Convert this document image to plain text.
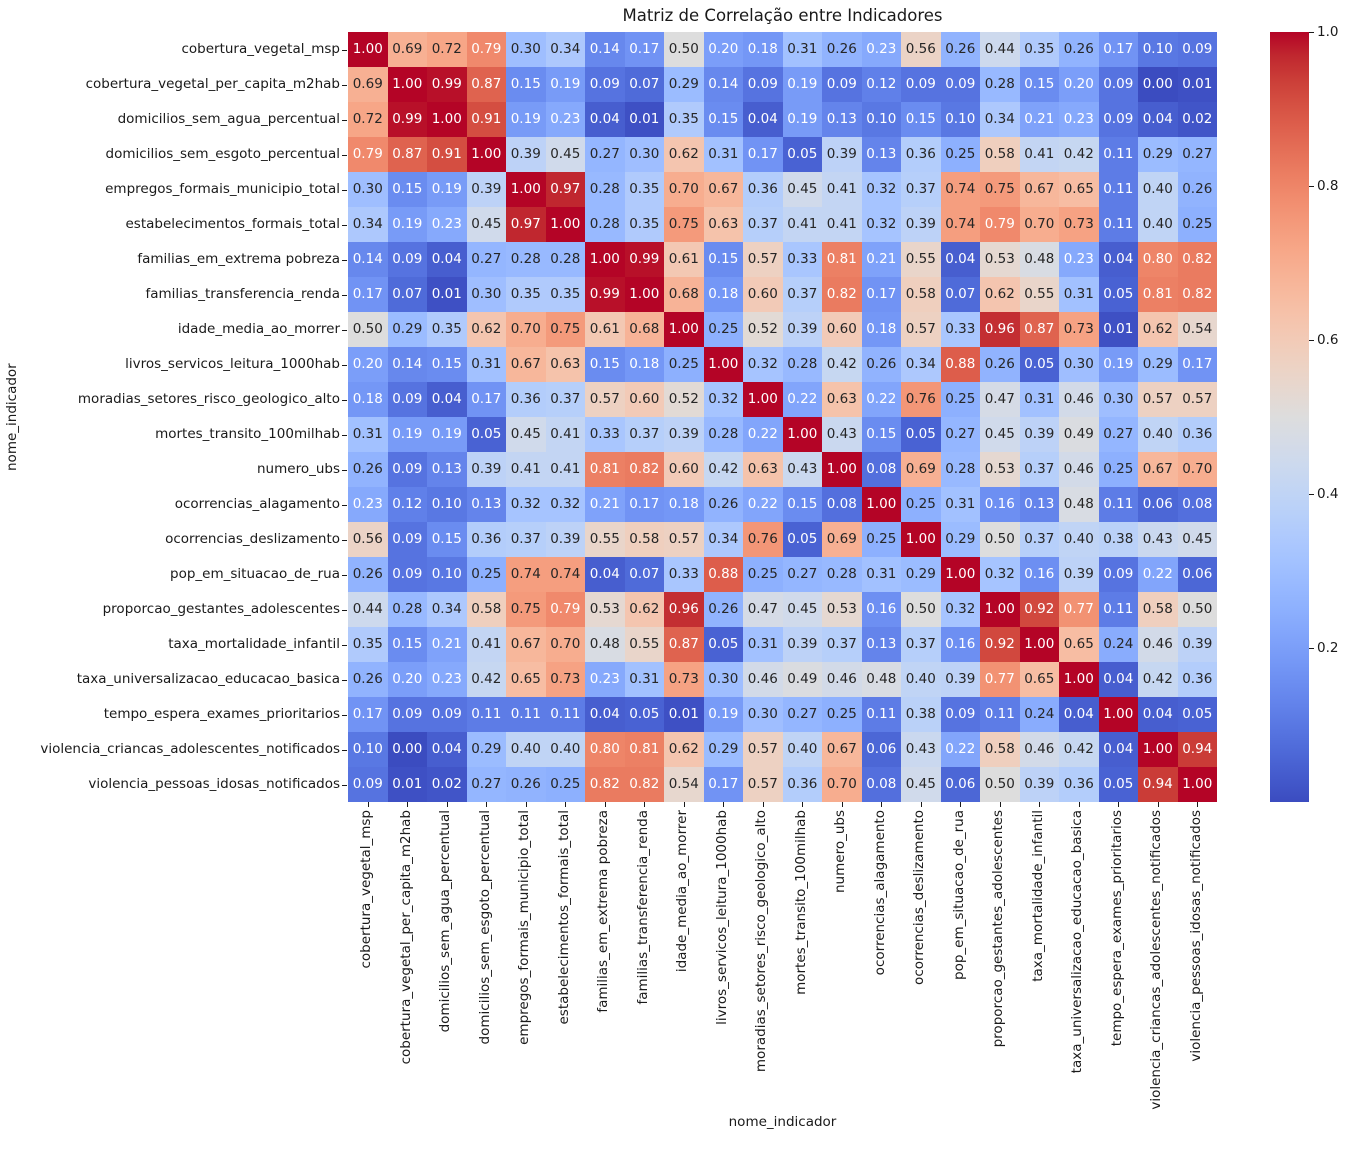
Matriz de Correlação entre Indicadores
cobertura_vegetal_msp
cobertura_vegetal_per_capita_m2hab
domicilios_sem_agua_percentual
domicilios_sem_esgoto_percentual
empregos_formais_municipio_total
estabelecimentos_formais_total
familias_em_extrema pobreza
familias_transferencia_renda
idade_media_ao_morrer
livros_servicos_leitura_1000hab
moradias_setores_risco_geologico_alto
mortes_transito_100milhab
numero_ubs
ocorrencias_alagamento
ocorrencias_deslizamento
pop_em_situacao_de_rua
proporcao_gestantes_adolescentes
taxa_mortalidade_infantil
taxa_universalizacao_educacao_basica
tempo_espera_exames_prioritarios
violencia_criancas_adolescentes_notificados
violencia_pessoas_idosas_notificados
1.00 0.69 0.72 0.79 0.30 0.34 0.14 0.17 0.50 0.20 0.18 0.31 0.26 0.23 0.56 0.26 0.44 0.35 0.26 0.17 0.10 0.09
0.69 1.00 0.99 0.87 0.15 0.19 0.09 0.07 0.29 0.14 0.09 0.19 0.09 0.12 0.09 0.09 0.28 0.15 0.20 0.09 0.00 0.01
0.72 0.99 1.00 0.91 0.19 0.23 0.04 0.01 0.35 0.15 0.04 0.19 0.13 0.10 0.15 0.10 0.34 0.21 0.23 0.09 0.04 0.02
0.79 0.87 0.91 1.00 0.39 0.45 0.27 0.30 0.62 0.31 0.17 0.05 0.39 0.13 0.36 0.25 0.58 0.41 0.42 0.11 0.29 0.27
0.30 0.15 0.19 0.39 1.00 0.97 0.28 0.35 0.70 0.67 0.36 0.45 0.41 0.32 0.37 0.74 0.75 0.67 0.65 0.11 0.40 0.26
0.34 0.19 0.23 0.45 0.97 1.00 0.28 0.35 0.75 0.63 0.37 0.41 0.41 0.32 0.39 0.74 0.79 0.70 0.73 0.11 0.40 0.25
0.14 0.09 0.04 0.27 0.28 0.28 1.00 0.99 0.61 0.15 0.57 0.33 0.81 0.21 0.55 0.04 0.53 0.48 0.23 0.04 0.80 0.82
0.17 0.07 0.01 0.30 0.35 0.35 0.99 1.00 0.68 0.18 0.60 0.37 0.82 0.17 0.58 0.07 0.62 0.55 0.31 0.05 0.81 0.82
0.50 0.29 0.35 0.62 0.70 0.75 0.61 0.68 1.00 0.25 0.52 0.39 0.60 0.18 0.57 0.33 0.96 0.87 0.73 0.01 0.62 0.54
0.20 0.14 0.15 0.31 0.67 0.63 0.15 0.18 0.25 1.00 0.32 0.28 0.42 0.26 0.34 0.88 0.26 0.05 0.30 0.19 0.29 0.17
0.18 0.09 0.04 0.17 0.36 0.37 0.57 0.60 0.52 0.32 1.00 0.22 0.63 0.22 0.76 0.25 0.47 0.31 0.46 0.30 0.57 0.57
0.31 0.19 0.19 0.05 0.45 0.41 0.33 0.37 0.39 0.28 0.22 1.00 0.43 0.15 0.05 0.27 0.45 0.39 0.49 0.27 0.40 0.36
0.26 0.09 0.13 0.39 0.41 0.41 0.81 0.82 0.60 0.42 0.63 0.43 1.00 0.08 0.69 0.28 0.53 0.37 0.46 0.25 0.67 0.70
0.23 0.12 0.10 0.13 0.32 0.32 0.21 0.17 0.18 0.26 0.22 0.15 0.08 1.00 0.25 0.31 0.16 0.13 0.48 0.11 0.06 0.08
0.56 0.09 0.15 0.36 0.37 0.39 0.55 0.58 0.57 0.34 0.76 0.05 0.69 0.25 1.00 0.29 0.50 0.37 0.40 0.38 0.43 0.45
0.26 0.09 0.10 0.25 0.74 0.74 0.04 0.07 0.33 0.88 0.25 0.27 0.28 0.31 0.29 1.00 0.32 0.16 0.39 0.09 0.22 0.06
0.44 0.28 0.34 0.58 0.75 0.79 0.53 0.62 0.96 0.26 0.47 0.45 0.53 0.16 0.50 0.32 1.00 0.92 0.77 0.11 0.58 0.50
0.35 0.15 0.21 0.41 0.67 0.70 0.48 0.55 0.87 0.05 0.31 0.39 0.37 0.13 0.37 0.16 0.92 1.00 0.65 0.24 0.46 0.39
0.26 0.20 0.23 0.42 0.65 0.73 0.23 0.31 0.73 0.30 0.46 0.49 0.46 0.48 0.40 0.39 0.77 0.65 1.00 0.04 0.42 0.36
0.17 0.09 0.09 0.11 0.11 0.11 0.04 0.05 0.01 0.19 0.30 0.27 0.25 0.11 0.38 0.09 0.11 0.24 0.04 1.00 0.04 0.05
0.10 0.00 0.04 0.29 0.40 0.40 0.80 0.81 0.62 0.29 0.57 0.40 0.67 0.06 0.43 0.22 0.58 0.46 0.42 0.04 1.00 0.94
0.09 0.01 0.02 0.27 0.26 0.25 0.82 0.82 0.54 0.17 0.57 0.36 0.70 0.08 0.45 0.06 0.50 0.39 0.36 0.05 0.94 1.00
cobertura_vegetal_msp cobertura_vegetal_per_capita_m2hab domicilios_sem_agua_percentual domicilios_sem_esgoto_percentual empregos_formais_municipio_total estabelecimentos_formais_total familias_em_extrema pobreza familias_transferencia_renda idade_media_ao_morrer livros_servicos_leitura_1000hab moradias_setores_risco_geologico_alto mortes_transito_100milhab numero_ubs ocorrencias_alagamento ocorrencias_deslizamento pop_em_situacao_de_rua proporcao_gestantes_adolescentes taxa_mortalidade_infantil taxa_universalizacao_educacao_basica tempo_espera_exames_prioritarios violencia_criancas_adolescentes_notificados violencia_pessoas_idosas_notificados
1.0
0.8
0.6
0.4
0.2
nome_indicador
nome_indicador
